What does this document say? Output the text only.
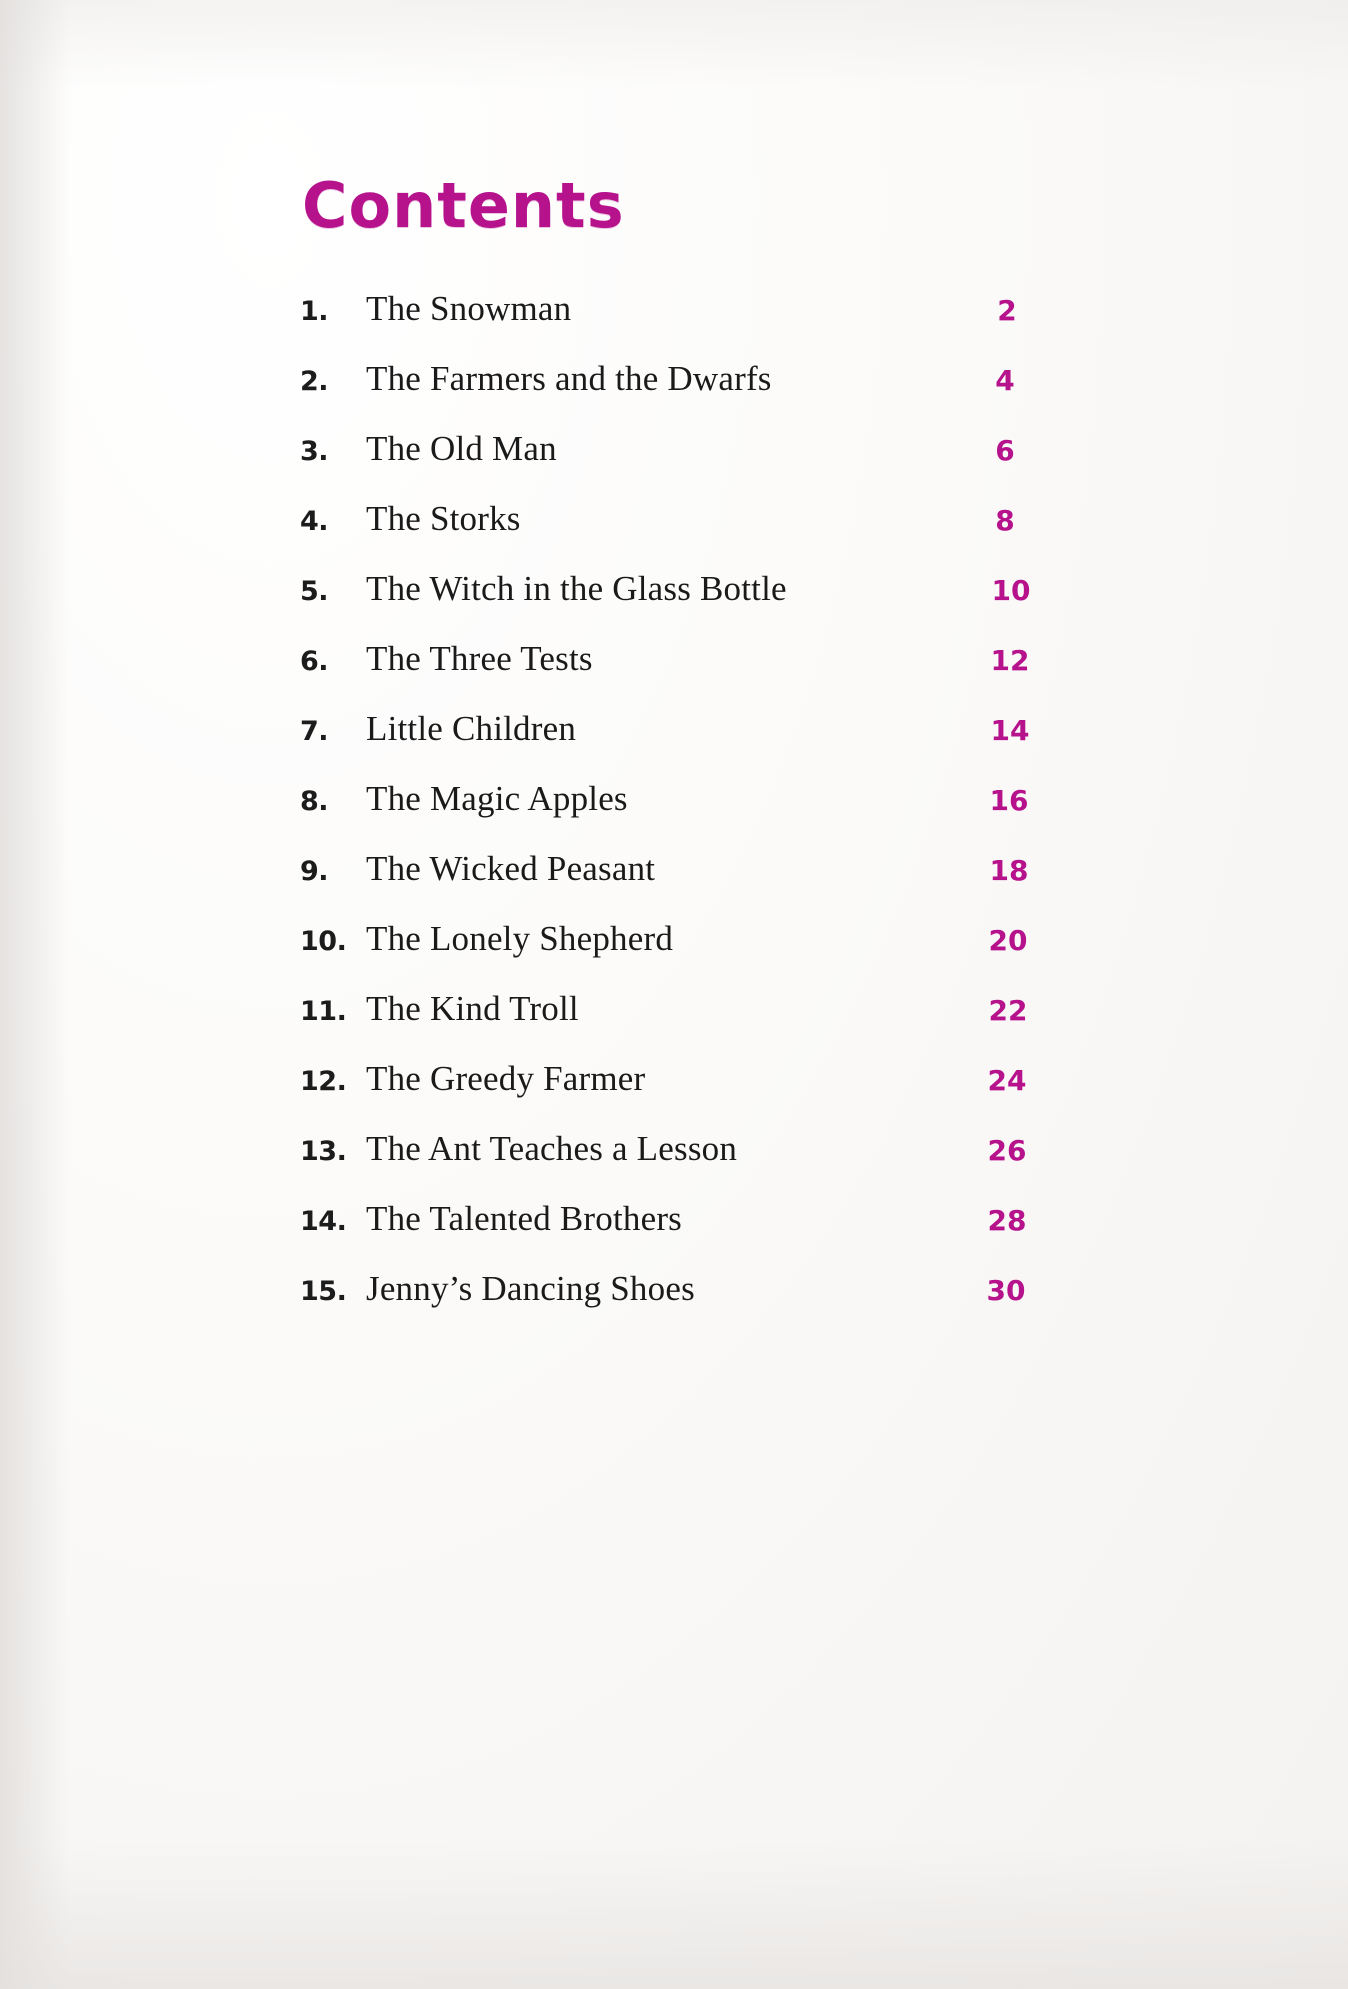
Contents
1.	The Snowman	2
2.	The Farmers and the Dwarfs	4
3.	The Old Man	6
4.	The Storks	8
5.	The Witch in the Glass Bottle	10
6.	The Three Tests	12
7.	Little Children	14
8.	The Magic Apples	16
9.	The Wicked Peasant	18
10. The Lonely Shepherd	20
11. The Kind Troll	22
12. The Greedy Farmer	24
13. The Ant Teaches a Lesson	26
14. The Talented Brothers	28
15. Jenny’s Dancing Shoes	30
